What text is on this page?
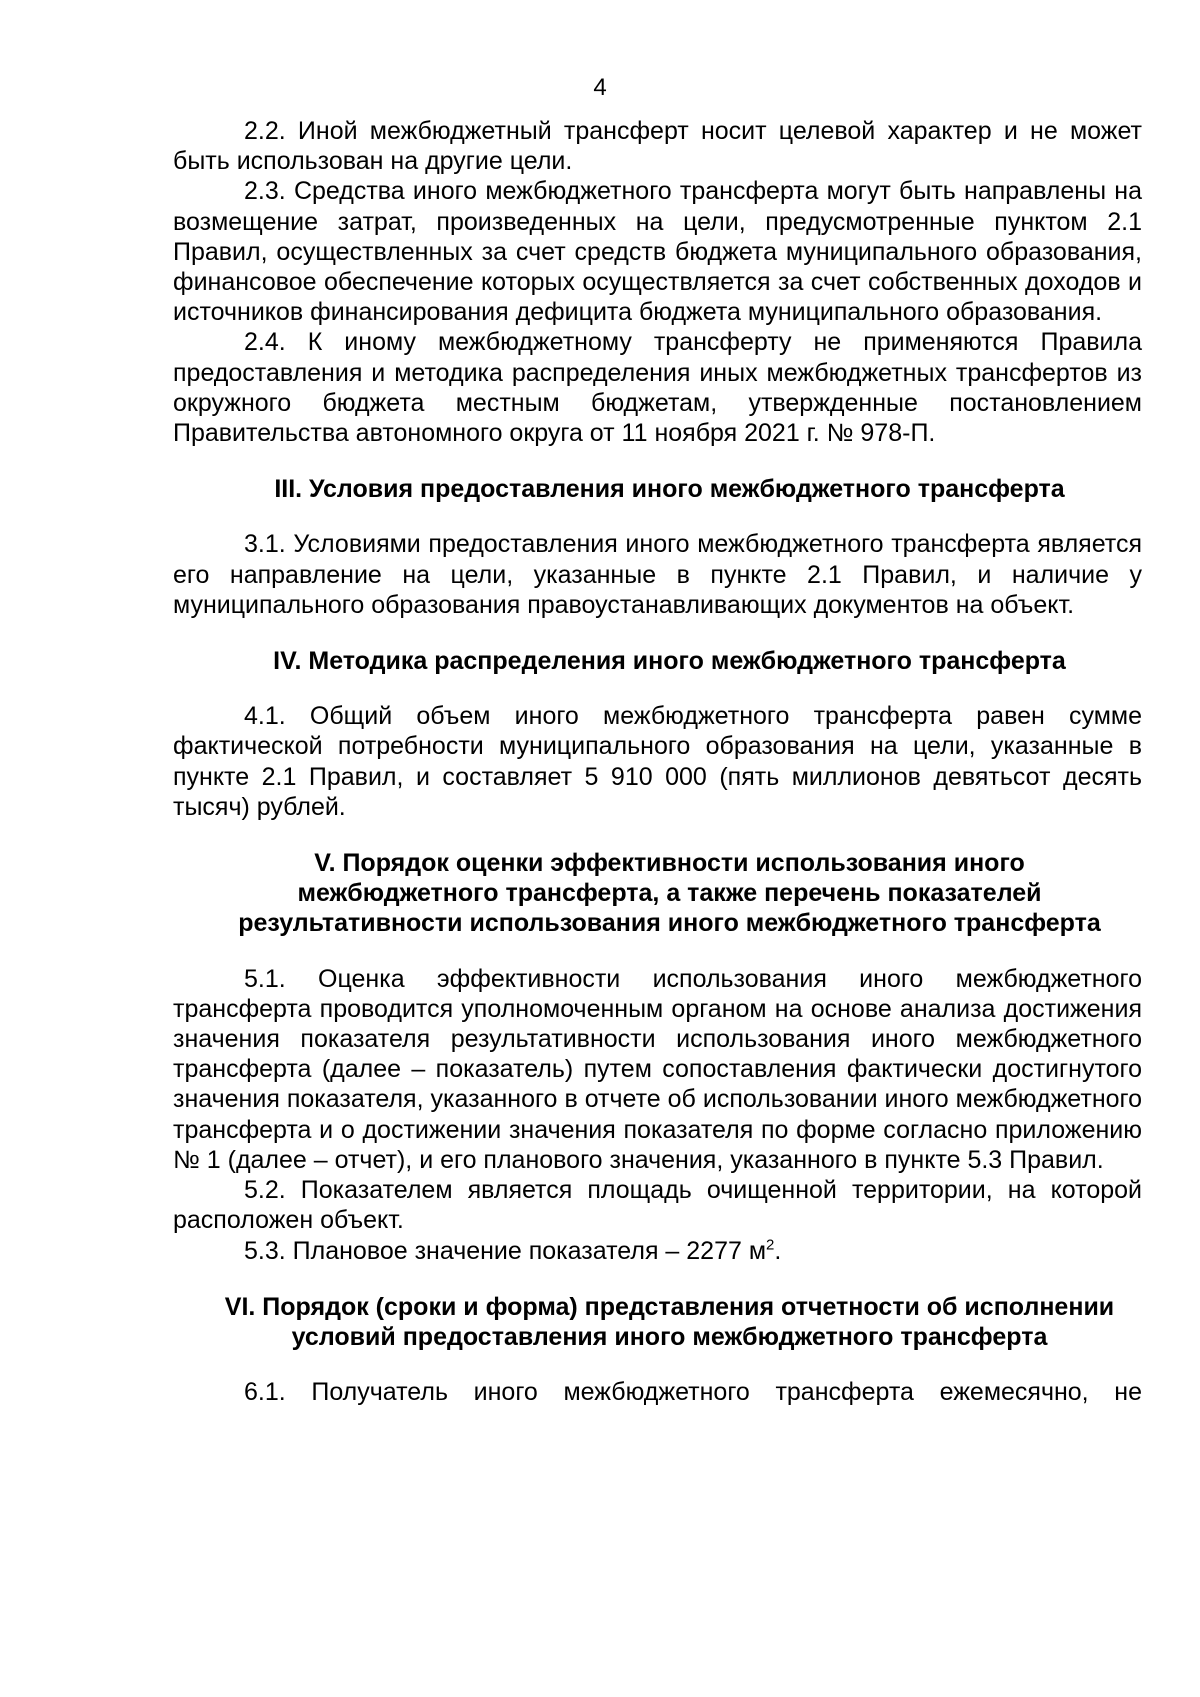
4

2.2. Иной межбюджетный трансферт носит целевой характер и не может быть использован на другие цели.

2.3. Средства иного межбюджетного трансферта могут быть направлены на возмещение затрат, произведенных на цели, предусмотренные пунктом 2.1 Правил, осуществленных за счет средств бюджета муниципального образования, финансовое обеспечение которых осуществляется за счет собственных доходов и источников финансирования дефицита бюджета муниципального образования.

2.4. К иному межбюджетному трансферту не применяются Правила предоставления и методика распределения иных межбюджетных трансфертов из окружного бюджета местным бюджетам, утвержденные постановлением Правительства автономного округа от 11 ноября 2021 г. № 978-П.

III. Условия предоставления иного межбюджетного трансферта

3.1. Условиями предоставления иного межбюджетного трансферта является его направление на цели, указанные в пункте 2.1 Правил, и наличие у муниципального образования правоустанавливающих документов на объект.

IV. Методика распределения иного межбюджетного трансферта

4.1. Общий объем иного межбюджетного трансферта равен сумме фактической потребности муниципального образования на цели, указанные в пункте 2.1 Правил, и составляет 5 910 000 (пять миллионов девятьсот десять тысяч) рублей.

V. Порядок оценки эффективности использования иного
межбюджетного трансферта, а также перечень показателей
результативности использования иного межбюджетного трансферта

5.1. Оценка эффективности использования иного межбюджетного трансферта проводится уполномоченным органом на основе анализа достижения значения показателя результативности использования иного межбюджетного трансферта (далее – показатель) путем сопоставления фактически достигнутого значения показателя, указанного в отчете об использовании иного межбюджетного трансферта и о достижении значения показателя по форме согласно приложению № 1 (далее – отчет), и его планового значения, указанного в пункте 5.3 Правил.

5.2. Показателем является площадь очищенной территории, на которой расположен объект.

5.3. Плановое значение показателя – 2277 $м^2$.

VI. Порядок (сроки и форма) представления отчетности об исполнении
условий предоставления иного межбюджетного трансферта

6.1. Получатель иного межбюджетного трансферта ежемесячно, не
